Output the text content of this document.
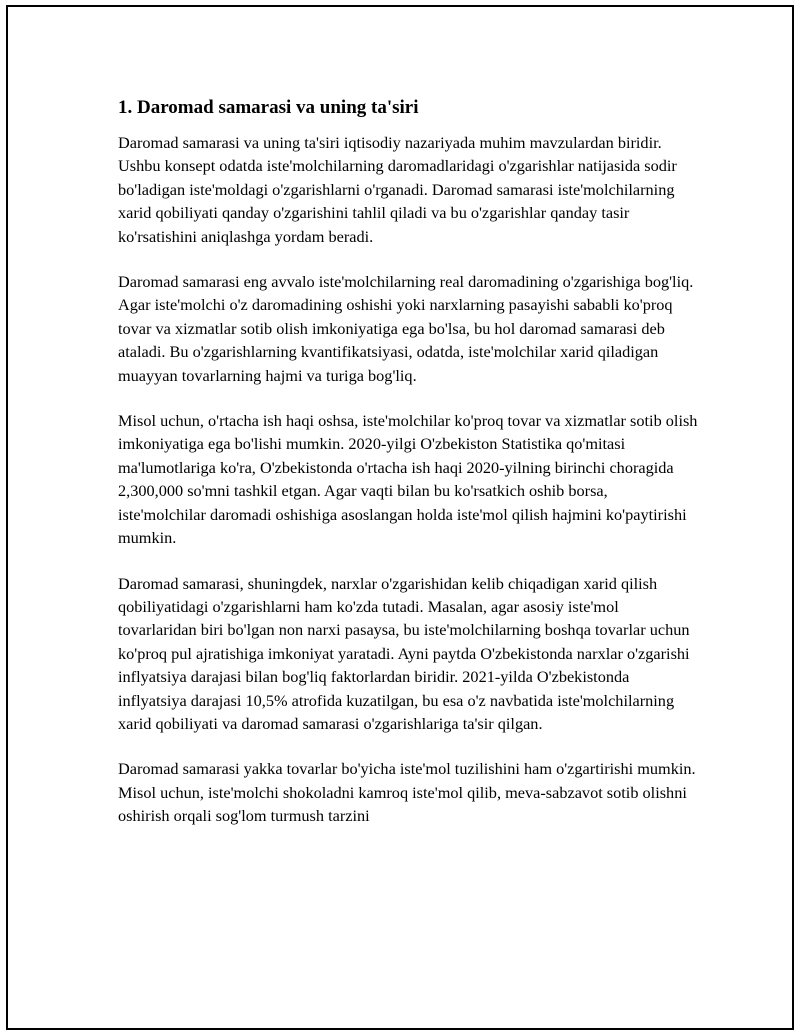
1. Daromad samarasi va uning ta'siri

Daromad samarasi va uning ta'siri iqtisodiy nazariyada muhim mavzulardan biridir. Ushbu konsept odatda iste'molchilarning daromadlaridagi o'zgarishlar natijasida sodir bo'ladigan iste'moldagi o'zgarishlarni o'rganadi. Daromad samarasi iste'molchilarning xarid qobiliyati qanday o'zgarishini tahlil qiladi va bu o'zgarishlar qanday tasir ko'rsatishini aniqlashga yordam beradi.

Daromad samarasi eng avvalo iste'molchilarning real daromadining o'zgarishiga bog'liq. Agar iste'molchi o'z daromadining oshishi yoki narxlarning pasayishi sababli ko'proq tovar va xizmatlar sotib olish imkoniyatiga ega bo'lsa, bu hol daromad samarasi deb ataladi. Bu o'zgarishlarning kvantifikatsiyasi, odatda, iste'molchilar xarid qiladigan muayyan tovarlarning hajmi va turiga bog'liq.

Misol uchun, o'rtacha ish haqi oshsa, iste'molchilar ko'proq tovar va xizmatlar sotib olish imkoniyatiga ega bo'lishi mumkin. 2020-yilgi O'zbekiston Statistika qo'mitasi ma'lumotlariga ko'ra, O'zbekistonda o'rtacha ish haqi 2020-yilning birinchi choragida 2,300,000 so'mni tashkil etgan. Agar vaqti bilan bu ko'rsatkich oshib borsa, iste'molchilar daromadi oshishiga asoslangan holda iste'mol qilish hajmini ko'paytirishi mumkin.

Daromad samarasi, shuningdek, narxlar o'zgarishidan kelib chiqadigan xarid qilish qobiliyatidagi o'zgarishlarni ham ko'zda tutadi. Masalan, agar asosiy iste'mol tovarlaridan biri bo'lgan non narxi pasaysa, bu iste'molchilarning boshqa tovarlar uchun ko'proq pul ajratishiga imkoniyat yaratadi. Ayni paytda O'zbekistonda narxlar o'zgarishi inflyatsiya darajasi bilan bog'liq faktorlardan biridir. 2021-yilda O'zbekistonda inflyatsiya darajasi 10,5% atrofida kuzatilgan, bu esa o'z navbatida iste'molchilarning xarid qobiliyati va daromad samarasi o'zgarishlariga ta'sir qilgan.

Daromad samarasi yakka tovarlar bo'yicha iste'mol tuzilishini ham o'zgartirishi mumkin. Misol uchun, iste'molchi shokoladni kamroq iste'mol qilib, meva-sabzavot sotib olishni oshirish orqali sog'lom turmush tarzini
